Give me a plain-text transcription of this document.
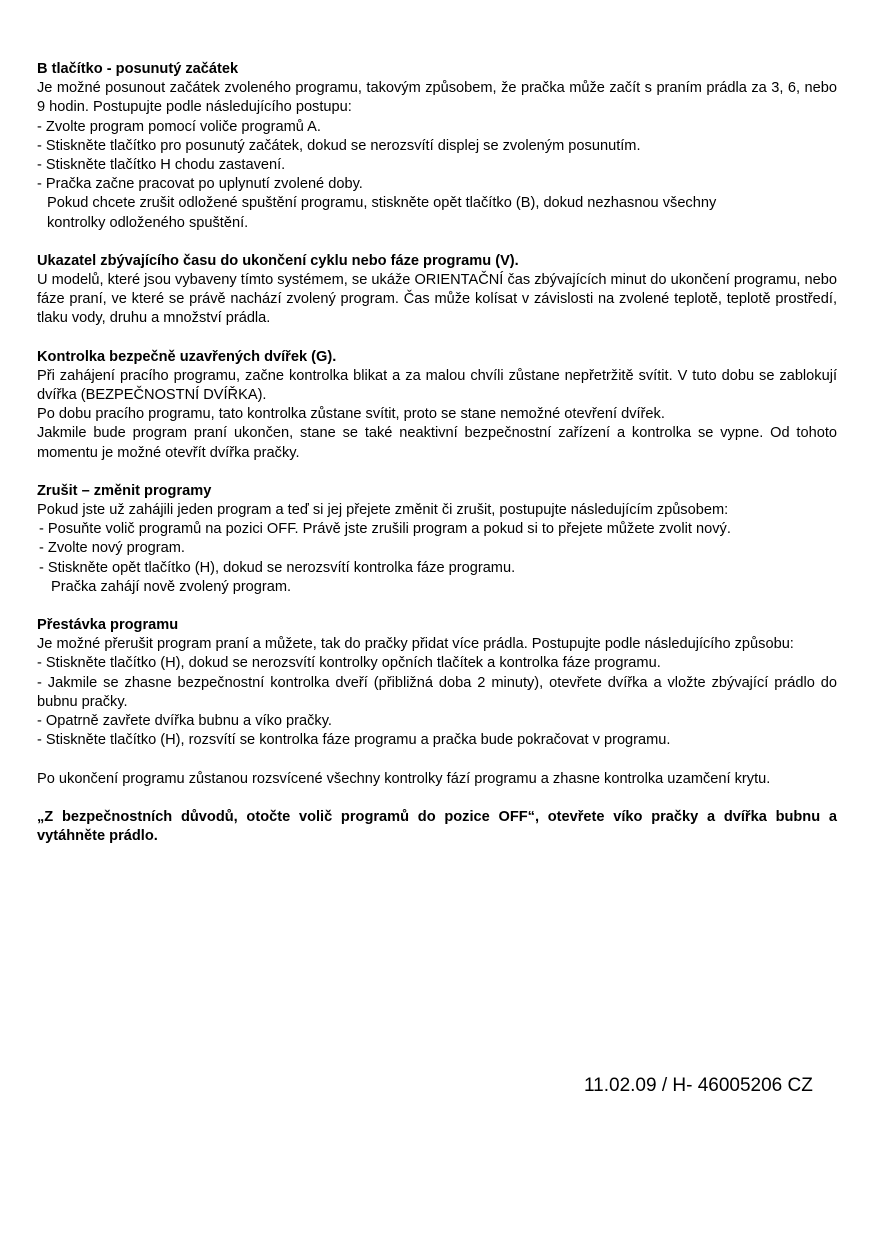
B tlačítko - posunutý začátek

Je možné posunout začátek zvoleného programu, takovým způsobem, že pračka může začít s praním prádla za 3, 6, nebo 9 hodin. Postupujte podle následujícího postupu:

- Zvolte program pomocí voliče programů A.

- Stiskněte tlačítko pro posunutý začátek, dokud se nerozsvítí displej se zvoleným posunutím.

- Stiskněte tlačítko H chodu zastavení.

- Pračka začne pracovat po uplynutí zvolené doby.

Pokud chcete zrušit odložené spuštění programu, stiskněte opět tlačítko (B), dokud nezhasnou všechny

kontrolky odloženého spuštění.

Ukazatel zbývajícího času do ukončení cyklu nebo fáze programu (V).

U modelů, které jsou vybaveny tímto systémem, se ukáže ORIENTAČNÍ čas zbývajících minut do ukončení programu, nebo fáze praní, ve které se právě nachází zvolený program. Čas může kolísat v závislosti na zvolené teplotě, teplotě prostředí, tlaku vody, druhu a množství prádla.

Kontrolka bezpečně uzavřených dvířek (G).

Při zahájení pracího programu, začne kontrolka blikat a za malou chvíli zůstane nepřetržitě svítit. V tuto dobu se zablokují dvířka (BEZPEČNOSTNÍ DVÍŘKA).

Po dobu pracího programu, tato kontrolka zůstane svítit, proto se stane nemožné otevření dvířek.

Jakmile bude program praní ukončen, stane se také neaktivní bezpečnostní zařízení a kontrolka se vypne. Od tohoto momentu je možné otevřít dvířka pračky.

Zrušit – změnit programy

Pokud jste už zahájili jeden program a teď si jej přejete změnit či zrušit, postupujte následujícím způsobem:

- Posuňte volič programů na pozici OFF. Právě jste zrušili program a pokud si to přejete můžete zvolit nový.

- Zvolte nový program.

- Stiskněte opět tlačítko (H), dokud se nerozsvítí kontrolka fáze programu.

Pračka zahájí nově zvolený program.

Přestávka programu

Je možné přerušit program praní a můžete, tak do pračky přidat více prádla. Postupujte podle následujícího způsobu:

- Stiskněte tlačítko (H), dokud se nerozsvítí kontrolky opčních tlačítek a kontrolka fáze programu.

- Jakmile se zhasne bezpečnostní kontrolka dveří (přibližná doba 2 minuty), otevřete dvířka a vložte zbývající prádlo do bubnu pračky.

- Opatrně zavřete dvířka bubnu a víko pračky.

- Stiskněte tlačítko (H), rozsvítí se kontrolka fáze programu a pračka bude pokračovat v programu.

Po ukončení programu zůstanou rozsvícené všechny kontrolky fází programu a zhasne kontrolka uzamčení krytu.

„Z bezpečnostních důvodů, otočte volič programů do pozice OFF“, otevřete víko pračky a dvířka bubnu a vytáhněte prádlo.

11.02.09 / H- 46005206 CZ
